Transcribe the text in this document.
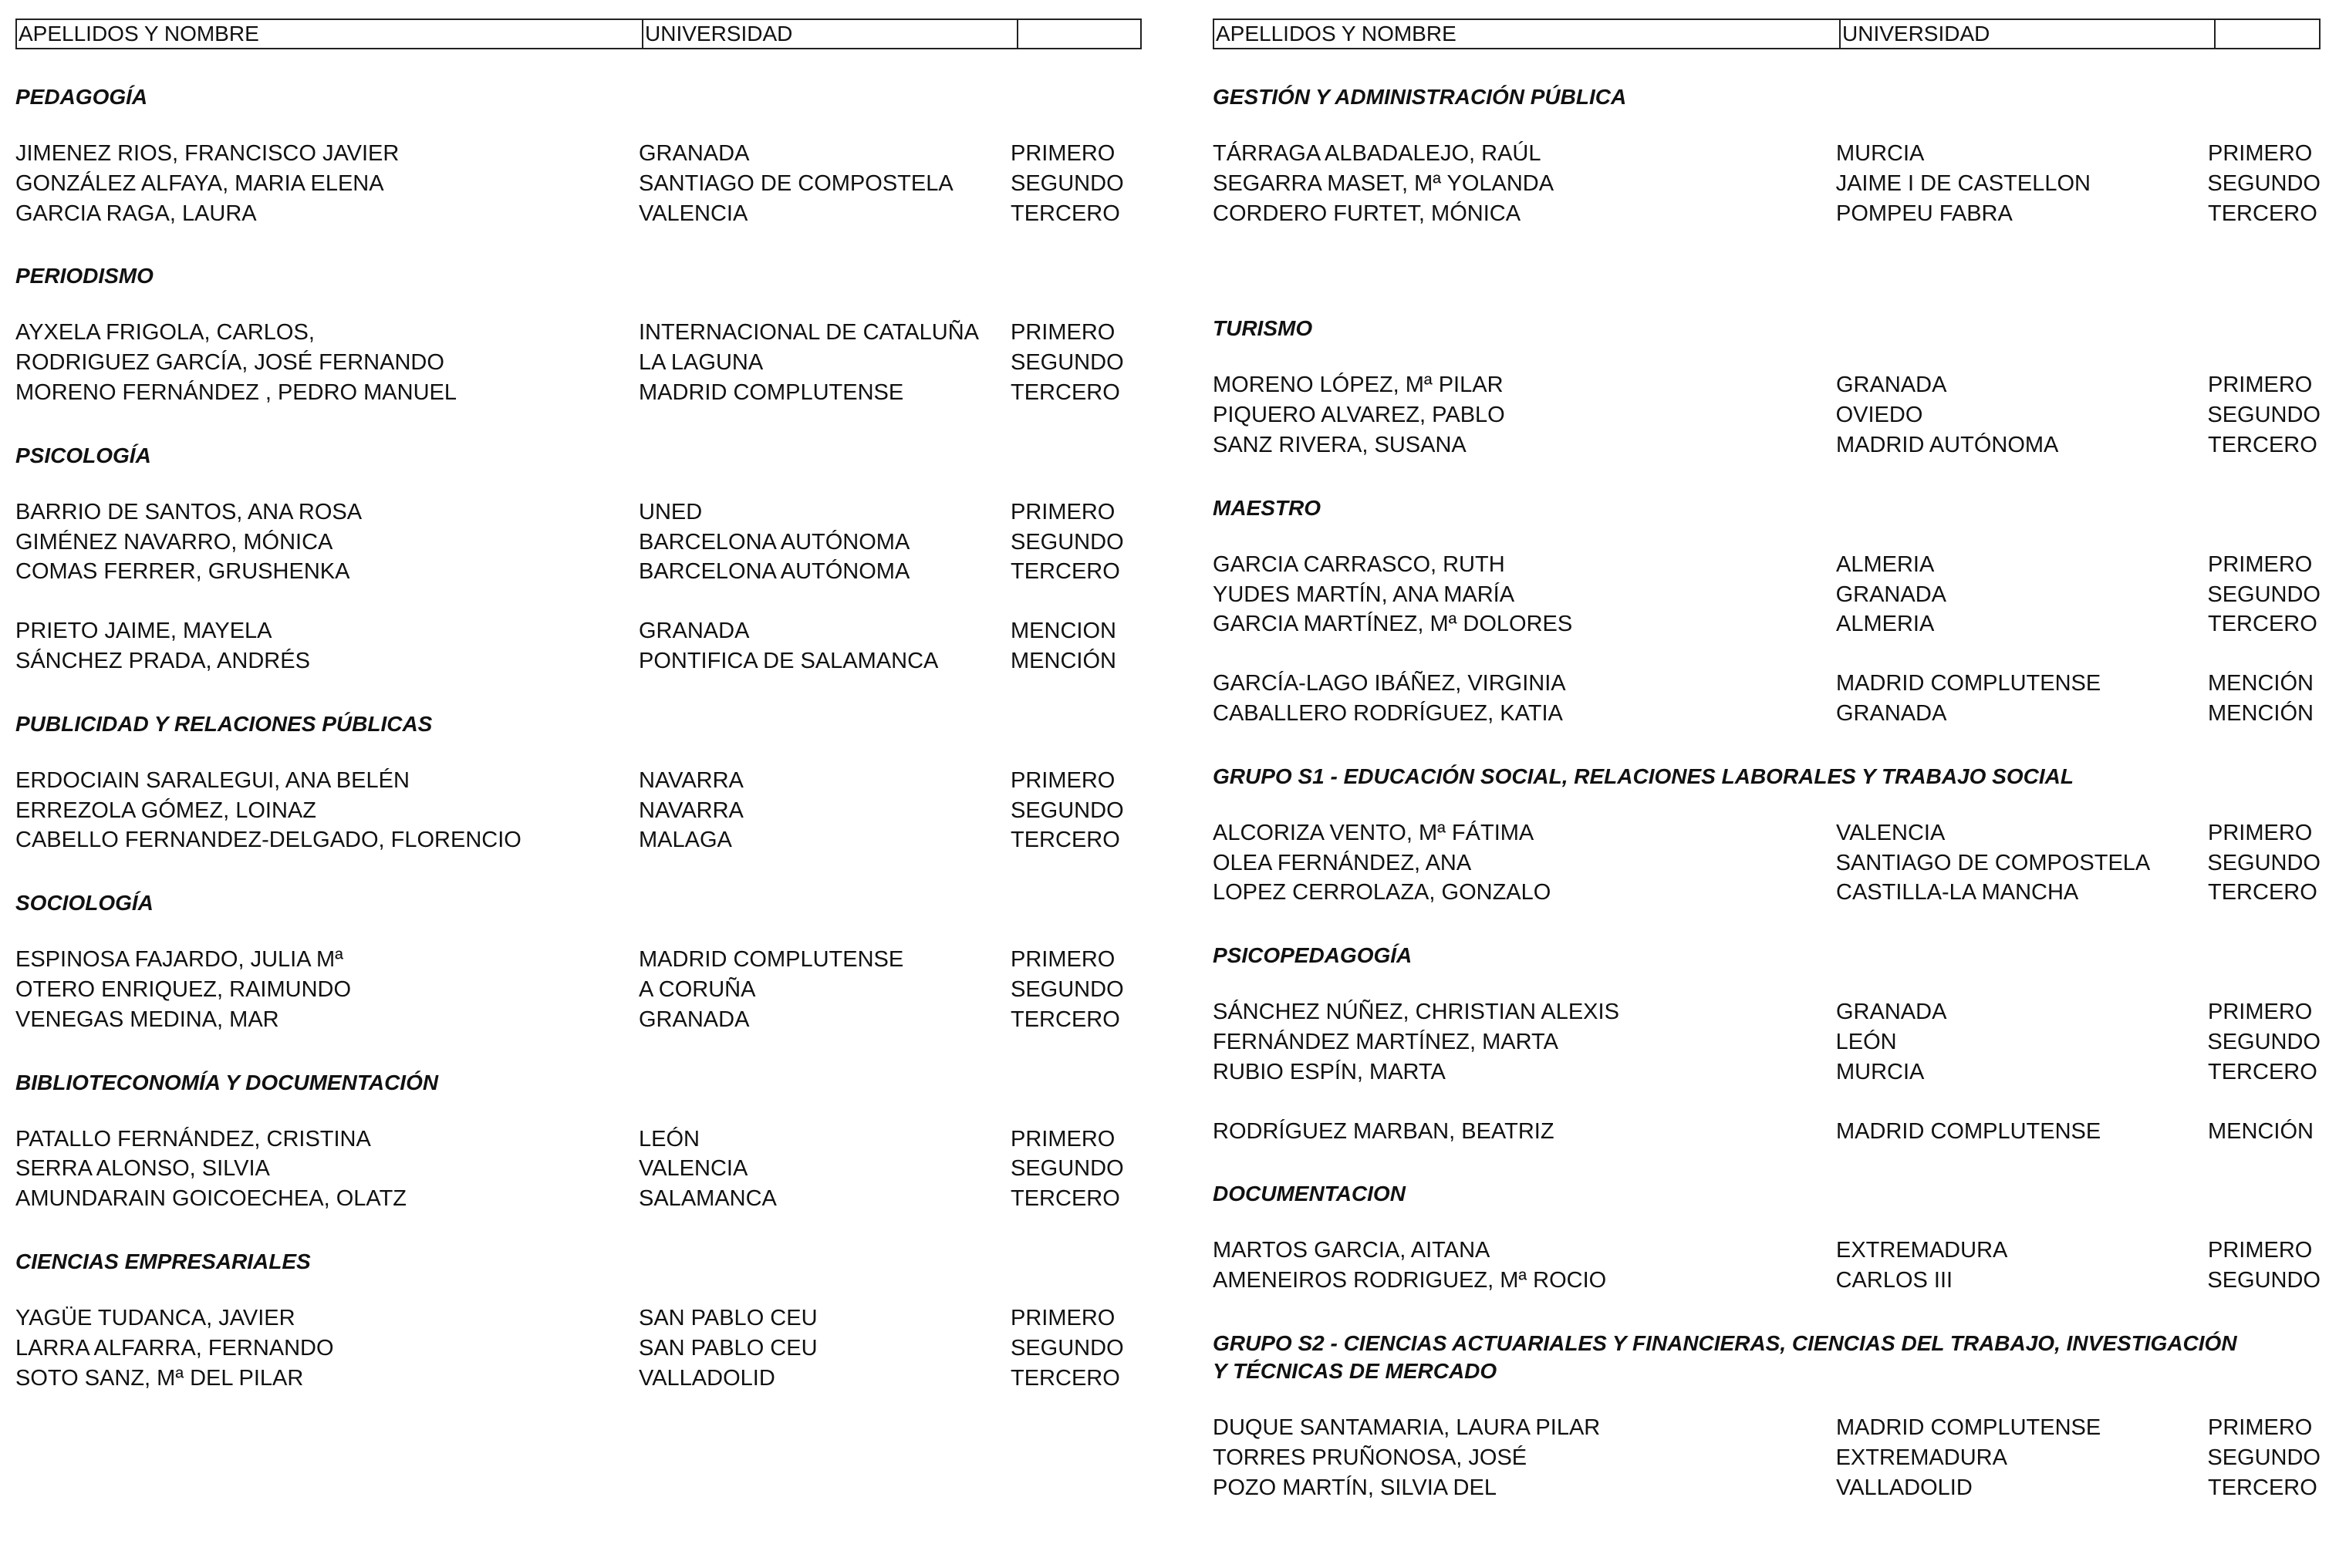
APELLIDOS Y NOMBRE	UNIVERSIDAD
PEDAGOGÍA
JIMENEZ RIOS, FRANCISCO JAVIER	GRANADA	PRIMERO
GONZÁLEZ ALFAYA, MARIA ELENA	SANTIAGO DE COMPOSTELA	SEGUNDO
GARCIA RAGA, LAURA	VALENCIA	TERCERO
PERIODISMO
AYXELA FRIGOLA, CARLOS,	INTERNACIONAL DE CATALUÑA	PRIMERO
RODRIGUEZ GARCÍA, JOSÉ FERNANDO	LA LAGUNA	SEGUNDO
MORENO FERNÁNDEZ , PEDRO MANUEL	MADRID COMPLUTENSE	TERCERO
PSICOLOGÍA
BARRIO DE SANTOS, ANA ROSA	UNED	PRIMERO
GIMÉNEZ NAVARRO, MÓNICA	BARCELONA AUTÓNOMA	SEGUNDO
COMAS FERRER, GRUSHENKA	BARCELONA AUTÓNOMA	TERCERO
PRIETO JAIME, MAYELA	GRANADA	MENCION
SÁNCHEZ PRADA, ANDRÉS	PONTIFICA DE SALAMANCA	MENCIÓN
PUBLICIDAD Y RELACIONES PÚBLICAS
ERDOCIAIN SARALEGUI, ANA BELÉN	NAVARRA	PRIMERO
ERREZOLA GÓMEZ, LOINAZ	NAVARRA	SEGUNDO
CABELLO FERNANDEZ-DELGADO, FLORENCIO	MALAGA	TERCERO
SOCIOLOGÍA
ESPINOSA FAJARDO, JULIA Mª	MADRID COMPLUTENSE	PRIMERO
OTERO ENRIQUEZ, RAIMUNDO	A CORUÑA	SEGUNDO
VENEGAS MEDINA, MAR	GRANADA	TERCERO
BIBLIOTECONOMÍA Y DOCUMENTACIÓN
PATALLO FERNÁNDEZ, CRISTINA	LEÓN	PRIMERO
SERRA ALONSO, SILVIA	VALENCIA	SEGUNDO
AMUNDARAIN GOICOECHEA, OLATZ	SALAMANCA	TERCERO
CIENCIAS EMPRESARIALES
YAGÜE TUDANCA, JAVIER	SAN PABLO CEU	PRIMERO
LARRA ALFARRA, FERNANDO	SAN PABLO CEU	SEGUNDO
SOTO SANZ, Mª DEL PILAR	VALLADOLID	TERCERO
APELLIDOS Y NOMBRE	UNIVERSIDAD
GESTIÓN Y ADMINISTRACIÓN PÚBLICA
TÁRRAGA ALBADALEJO, RAÚL	MURCIA	PRIMERO
SEGARRA MASET, Mª YOLANDA	JAIME I DE CASTELLON	SEGUNDO
CORDERO FURTET, MÓNICA	POMPEU FABRA	TERCERO
TURISMO
MORENO LÓPEZ, Mª PILAR	GRANADA	PRIMERO
PIQUERO ALVAREZ, PABLO	OVIEDO	SEGUNDO
SANZ RIVERA, SUSANA	MADRID AUTÓNOMA	TERCERO
MAESTRO
GARCIA CARRASCO, RUTH	ALMERIA	PRIMERO
YUDES MARTÍN, ANA MARÍA	GRANADA	SEGUNDO
GARCIA MARTÍNEZ, Mª DOLORES	ALMERIA	TERCERO
GARCÍA-LAGO IBÁÑEZ, VIRGINIA	MADRID COMPLUTENSE	MENCIÓN
CABALLERO RODRÍGUEZ, KATIA	GRANADA	MENCIÓN
GRUPO S1 - EDUCACIÓN SOCIAL, RELACIONES LABORALES Y TRABAJO SOCIAL
ALCORIZA VENTO, Mª FÁTIMA	VALENCIA	PRIMERO
OLEA FERNÁNDEZ, ANA	SANTIAGO DE COMPOSTELA	SEGUNDO
LOPEZ CERROLAZA, GONZALO	CASTILLA-LA MANCHA	TERCERO
PSICOPEDAGOGÍA
SÁNCHEZ NÚÑEZ, CHRISTIAN ALEXIS	GRANADA	PRIMERO
FERNÁNDEZ MARTÍNEZ, MARTA	LEÓN	SEGUNDO
RUBIO ESPÍN, MARTA	MURCIA	TERCERO
RODRÍGUEZ MARBAN, BEATRIZ	MADRID COMPLUTENSE	MENCIÓN
DOCUMENTACION
MARTOS GARCIA, AITANA	EXTREMADURA	PRIMERO
AMENEIROS RODRIGUEZ, Mª ROCIO	CARLOS III	SEGUNDO
GRUPO S2 - CIENCIAS ACTUARIALES Y FINANCIERAS, CIENCIAS DEL TRABAJO, INVESTIGACIÓN
Y TÉCNICAS DE MERCADO
DUQUE SANTAMARIA, LAURA PILAR	MADRID COMPLUTENSE	PRIMERO
TORRES PRUÑONOSA, JOSÉ	EXTREMADURA	SEGUNDO
POZO MARTÍN, SILVIA DEL	VALLADOLID	TERCERO
